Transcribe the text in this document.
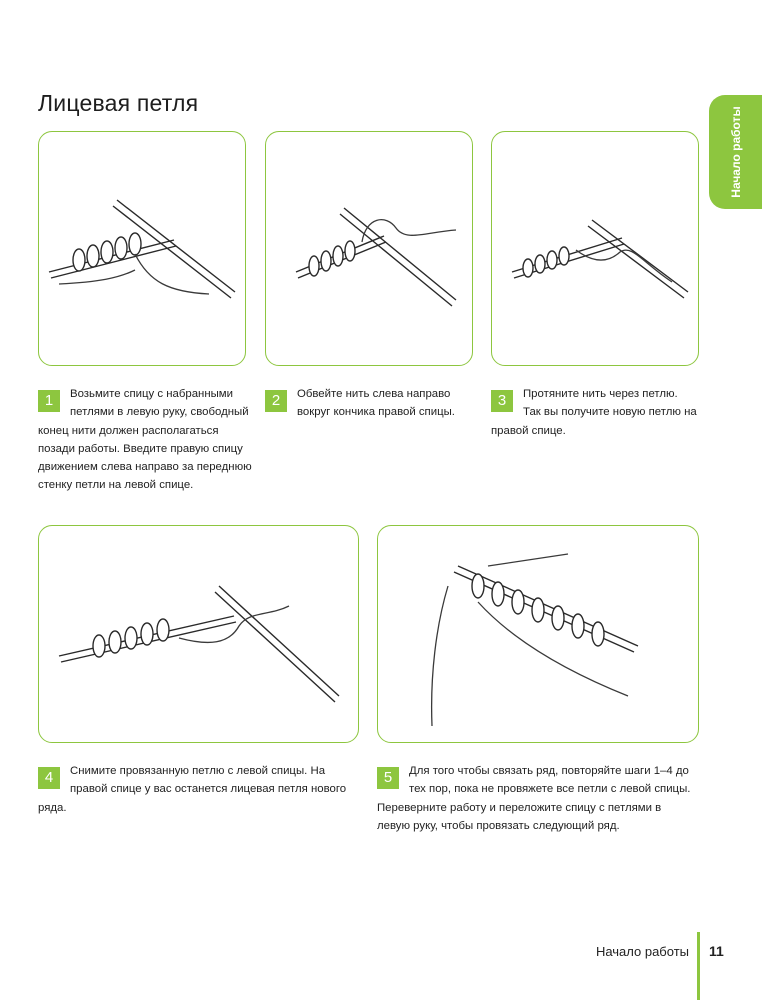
Лицевая петля
Начало работы
1	Возьмите спицу с набранными петлями в левую руку, свободный конец нити должен располагаться позади работы. Введите правую спицу движением слева направо за переднюю стенку петли на левой спице.

2	Обвейте нить слева направо вокруг кончика правой спицы.

3	Протяните нить через петлю. Так вы получите новую петлю на правой спице.

4	Снимите провязанную петлю с левой спицы. На правой спице у вас останется лицевая петля нового ряда.

5	Для того чтобы связать ряд, повторяйте шаги 1–4 до тех пор, пока не провяжете все петли с левой спицы. Переверните работу и переложите спицу с петлями в левую руку, чтобы провязать следующий ряд.

Начало работы 11
